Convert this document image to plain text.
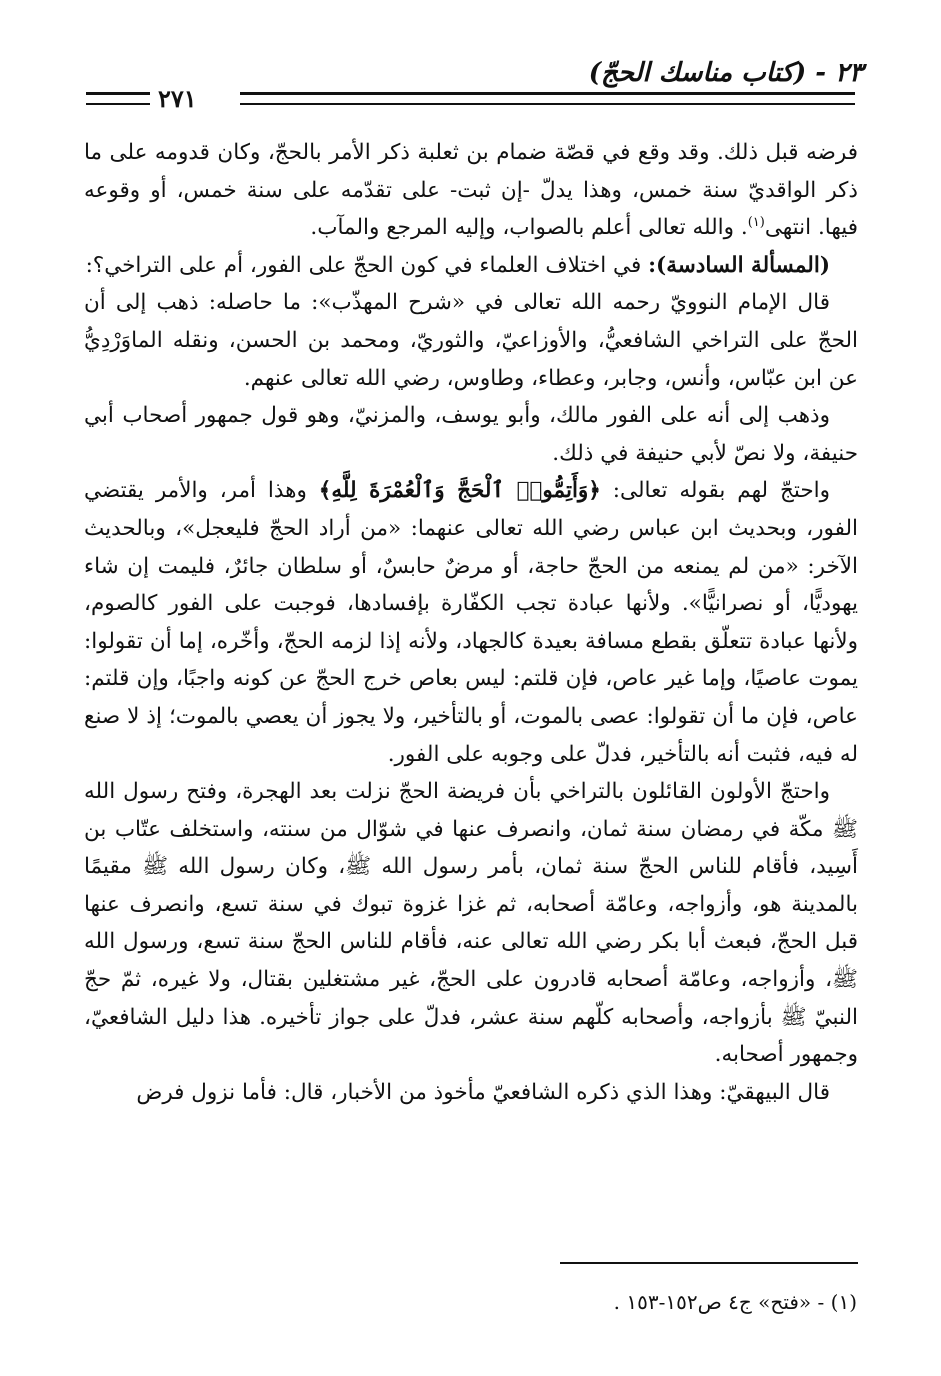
٢٣ - (كتاب مناسك الحجّ)
٢٧١

فرضه قبل ذلك. وقد وقع في قصّة ضمام بن ثعلبة ذكر الأمر بالحجّ، وكان قدومه على ما ذكر الواقديّ سنة خمس، وهذا يدلّ -إن ثبت- على تقدّمه على سنة خمس، أو وقوعه فيها. انتهى$^{(١)}$. والله تعالى أعلم بالصواب، وإليه المرجع والمآب.

(المسألة السادسة): في اختلاف العلماء في كون الحجّ على الفور، أم على التراخي؟:

قال الإمام النوويّ رحمه الله تعالى في «شرح المهذّب»: ما حاصله: ذهب إلى أن الحجّ على التراخي الشافعيُّ، والأوزاعيّ، والثوريّ، ومحمد بن الحسن، ونقله الماوَرْدِيُّ عن ابن عبّاس، وأنس، وجابر، وعطاء، وطاوس، رضي الله تعالى عنهم.

وذهب إلى أنه على الفور مالك، وأبو يوسف، والمزنيّ، وهو قول جمهور أصحاب أبي حنيفة، ولا نصّ لأبي حنيفة في ذلك.

واحتجّ لهم بقوله تعالى: ﴿وَأَتِمُّوا۟ ٱلْحَجَّ وَٱلْعُمْرَةَ لِلَّهِ﴾ وهذا أمر، والأمر يقتضي الفور، وبحديث ابن عباس رضي الله تعالى عنهما: «من أراد الحجّ فليعجل»، وبالحديث الآخر: «من لم يمنعه من الحجّ حاجة، أو مرضٌ حابسٌ، أو سلطان جائرٌ، فليمت إن شاء يهوديًّا، أو نصرانيًّا». ولأنها عبادة تجب الكفّارة بإفسادها، فوجبت على الفور كالصوم، ولأنها عبادة تتعلّق بقطع مسافة بعيدة كالجهاد، ولأنه إذا لزمه الحجّ، وأخّره، إما أن تقولوا: يموت عاصيًا، وإما غير عاص، فإن قلتم: ليس بعاص خرج الحجّ عن كونه واجبًا، وإن قلتم: عاص، فإن ما أن تقولوا: عصى بالموت، أو بالتأخير، ولا يجوز أن يعصي بالموت؛ إذ لا صنع له فيه، فثبت أنه بالتأخير، فدلّ على وجوبه على الفور.

واحتجّ الأولون القائلون بالتراخي بأن فريضة الحجّ نزلت بعد الهجرة، وفتح رسول الله ﷺ مكّة في رمضان سنة ثمان، وانصرف عنها في شوّال من سنته، واستخلف عتّاب بن أَسِيد، فأقام للناس الحجّ سنة ثمان، بأمر رسول الله ﷺ، وكان رسول الله ﷺ مقيمًا بالمدينة هو، وأزواجه، وعامّة أصحابه، ثم غزا غزوة تبوك في سنة تسع، وانصرف عنها قبل الحجّ، فبعث أبا بكر رضي الله تعالى عنه، فأقام للناس الحجّ سنة تسع، ورسول الله ﷺ، وأزواجه، وعامّة أصحابه قادرون على الحجّ، غير مشتغلين بقتال، ولا غيره، ثمّ حجّ النبيّ ﷺ بأزواجه، وأصحابه كلّهم سنة عشر، فدلّ على جواز تأخيره. هذا دليل الشافعيّ، وجمهور أصحابه.

قال البيهقيّ: وهذا الذي ذكره الشافعيّ مأخوذ من الأخبار، قال: فأما نزول فرض

(١) - «فتح» ج٤ ص١٥٢-١٥٣ .
